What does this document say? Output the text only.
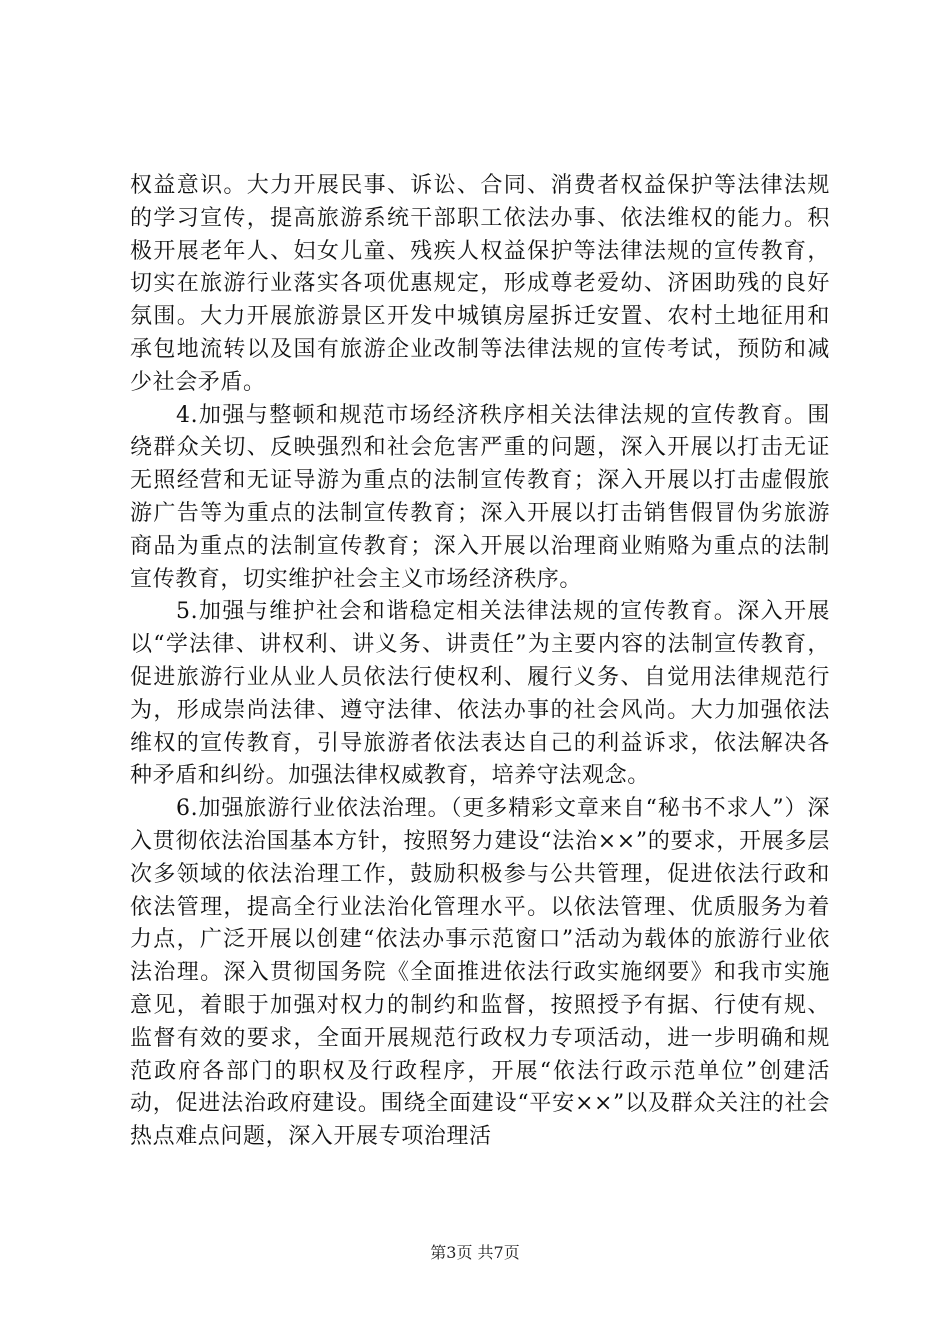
权益意识。大力开展民事、诉讼、合同、消费者权益保护等法律法规的学习宣传，提高旅游系统干部职工依法办事、依法维权的能力。积极开展老年人、妇女儿童、残疾人权益保护等法律法规的宣传教育，切实在旅游行业落实各项优惠规定，形成尊老爱幼、济困助残的良好氛围。大力开展旅游景区开发中城镇房屋拆迁安置、农村土地征用和承包地流转以及国有旅游企业改制等法律法规的宣传考试，预防和减少社会矛盾。

4.加强与整顿和规范市场经济秩序相关法律法规的宣传教育。围绕群众关切、反映强烈和社会危害严重的问题，深入开展以打击无证无照经营和无证导游为重点的法制宣传教育；深入开展以打击虚假旅游广告等为重点的法制宣传教育；深入开展以打击销售假冒伪劣旅游商品为重点的法制宣传教育；深入开展以治理商业贿赂为重点的法制宣传教育，切实维护社会主义市场经济秩序。

5.加强与维护社会和谐稳定相关法律法规的宣传教育。深入开展以“学法律、讲权利、讲义务、讲责任”为主要内容的法制宣传教育，促进旅游行业从业人员依法行使权利、履行义务、自觉用法律规范行为，形成崇尚法律、遵守法律、依法办事的社会风尚。大力加强依法维权的宣传教育，引导旅游者依法表达自己的利益诉求，依法解决各种矛盾和纠纷。加强法律权威教育，培养守法观念。

6.加强旅游行业依法治理。（更多精彩文章来自“秘书不求人”）深入贯彻依法治国基本方针，按照努力建设“法治××”的要求，开展多层次多领域的依法治理工作，鼓励积极参与公共管理，促进依法行政和依法管理，提高全行业法治化管理水平。以依法管理、优质服务为着力点，广泛开展以创建“依法办事示范窗口”活动为载体的旅游行业依法治理。深入贯彻国务院《全面推进依法行政实施纲要》和我市实施意见，着眼于加强对权力的制约和监督，按照授予有据、行使有规、监督有效的要求，全面开展规范行政权力专项活动，进一步明确和规范政府各部门的职权及行政程序，开展“依法行政示范单位”创建活动，促进法治政府建设。围绕全面建设“平安××”以及群众关注的社会热点难点问题，深入开展专项治理活

第3页 共7页
